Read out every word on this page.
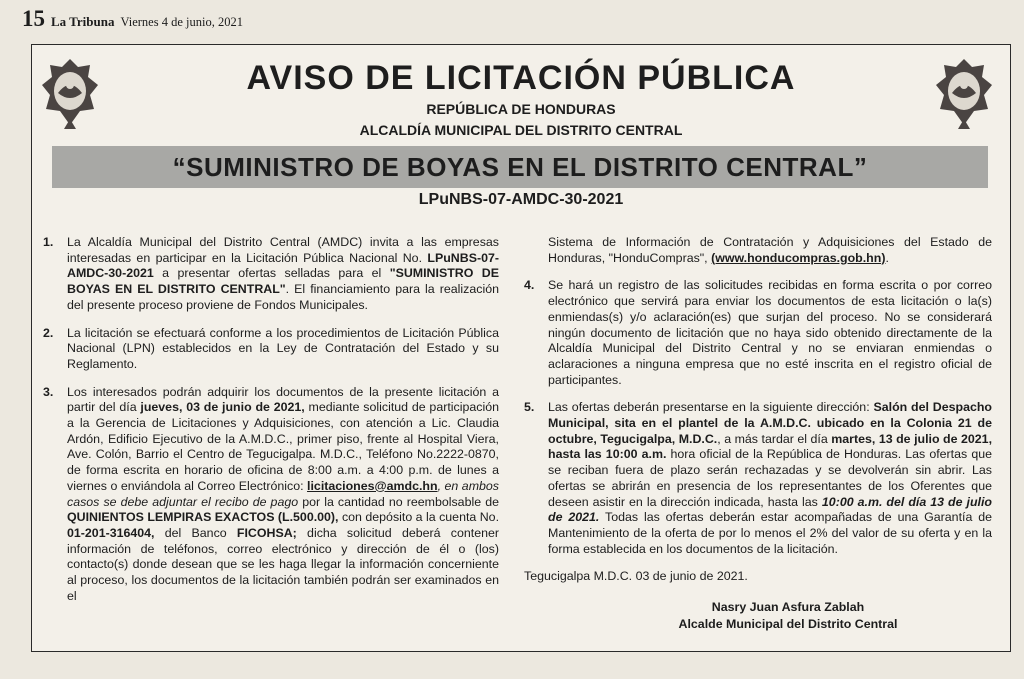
15 La Tribuna Viernes 4 de junio, 2021
AVISO DE LICITACIÓN PÚBLICA
REPÚBLICA DE HONDURAS
ALCALDÍA MUNICIPAL DEL DISTRITO CENTRAL
“SUMINISTRO DE BOYAS EN EL DISTRITO CENTRAL”
LPuNBS-07-AMDC-30-2021
1.	La Alcaldía Municipal del Distrito Central (AMDC) invita a las empresas interesadas en participar en la Licitación Pública Nacional No. LPuNBS-07-AMDC-30-2021 a presentar ofertas selladas para el "SUMINISTRO DE BOYAS EN EL DISTRITO CENTRAL". El financiamiento para la realización del presente proceso proviene de Fondos Municipales.
2.	La licitación se efectuará conforme a los procedimientos de Licitación Pública Nacional (LPN) establecidos en la Ley de Contratación del Estado y su Reglamento.
3.	Los interesados podrán adquirir los documentos de la presente licitación a partir del día jueves, 03 de junio de 2021, mediante solicitud de participación a la Gerencia de Licitaciones y Adquisiciones, con atención a Lic. Claudia Ardón, Edificio Ejecutivo de la A.M.D.C., primer piso, frente al Hospital Viera, Ave. Colón, Barrio el Centro de Tegucigalpa. M.D.C., Teléfono No.2222-0870, de forma escrita en horario de oficina de 8:00 a.m. a 4:00 p.m. de lunes a viernes o enviándola al Correo Electrónico: licitaciones@amdc.hn, en ambos casos se debe adjuntar el recibo de pago por la cantidad no reembolsable de QUINIENTOS LEMPIRAS EXACTOS (L.500.00), con depósito a la cuenta No. 01-201-316404, del Banco FICOHSA; dicha solicitud deberá contener información de teléfonos, correo electrónico y dirección de él o (los) contacto(s) donde desean que se les haga llegar la información concerniente al proceso, los documentos de la licitación también podrán ser examinados en el
Sistema de Información de Contratación y Adquisiciones del Estado de Honduras, "HonduCompras", (www.honducompras.gob.hn).
4.	Se hará un registro de las solicitudes recibidas en forma escrita o por correo electrónico que servirá para enviar los documentos de esta licitación o la(s) enmiendas(s) y/o aclaración(es) que surjan del proceso. No se considerará ningún documento de licitación que no haya sido obtenido directamente de la Alcaldía Municipal del Distrito Central y no se enviaran enmiendas o aclaraciones a ninguna empresa que no esté inscrita en el registro oficial de participantes.
5.	Las ofertas deberán presentarse en la siguiente dirección: Salón del Despacho Municipal, sita en el plantel de la A.M.D.C. ubicado en la Colonia 21 de octubre, Tegucigalpa, M.D.C., a más tardar el día martes, 13 de julio de 2021, hasta las 10:00 a.m. hora oficial de la República de Honduras. Las ofertas que se reciban fuera de plazo serán rechazadas y se devolverán sin abrir. Las ofertas se abrirán en presencia de los representantes de los Oferentes que deseen asistir en la dirección indicada, hasta las 10:00 a.m. del día 13 de julio de 2021. Todas las ofertas deberán estar acompañadas de una Garantía de Mantenimiento de la oferta de por lo menos el 2% del valor de su oferta y en la forma establecida en los documentos de la licitación.
Tegucigalpa M.D.C. 03 de junio de 2021.
Nasry Juan Asfura Zablah
Alcalde Municipal del Distrito Central
